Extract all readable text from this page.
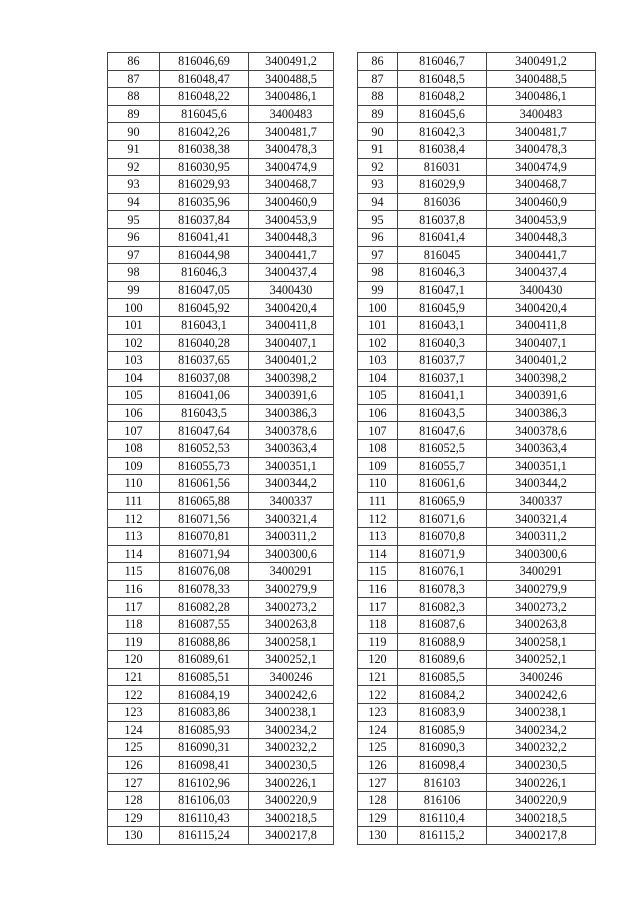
86	816046,69	3400491,2
87	816048,47	3400488,5
88	816048,22	3400486,1
89	816045,6	3400483
90	816042,26	3400481,7
91	816038,38	3400478,3
92	816030,95	3400474,9
93	816029,93	3400468,7
94	816035,96	3400460,9
95	816037,84	3400453,9
96	816041,41	3400448,3
97	816044,98	3400441,7
98	816046,3	3400437,4
99	816047,05	3400430
100	816045,92	3400420,4
101	816043,1	3400411,8
102	816040,28	3400407,1
103	816037,65	3400401,2
104	816037,08	3400398,2
105	816041,06	3400391,6
106	816043,5	3400386,3
107	816047,64	3400378,6
108	816052,53	3400363,4
109	816055,73	3400351,1
110	816061,56	3400344,2
111	816065,88	3400337
112	816071,56	3400321,4
113	816070,81	3400311,2
114	816071,94	3400300,6
115	816076,08	3400291
116	816078,33	3400279,9
117	816082,28	3400273,2
118	816087,55	3400263,8
119	816088,86	3400258,1
120	816089,61	3400252,1
121	816085,51	3400246
122	816084,19	3400242,6
123	816083,86	3400238,1
124	816085,93	3400234,2
125	816090,31	3400232,2
126	816098,41	3400230,5
127	816102,96	3400226,1
128	816106,03	3400220,9
129	816110,43	3400218,5
130	816115,24	3400217,8
86	816046,7	3400491,2
87	816048,5	3400488,5
88	816048,2	3400486,1
89	816045,6	3400483
90	816042,3	3400481,7
91	816038,4	3400478,3
92	816031	3400474,9
93	816029,9	3400468,7
94	816036	3400460,9
95	816037,8	3400453,9
96	816041,4	3400448,3
97	816045	3400441,7
98	816046,3	3400437,4
99	816047,1	3400430
100	816045,9	3400420,4
101	816043,1	3400411,8
102	816040,3	3400407,1
103	816037,7	3400401,2
104	816037,1	3400398,2
105	816041,1	3400391,6
106	816043,5	3400386,3
107	816047,6	3400378,6
108	816052,5	3400363,4
109	816055,7	3400351,1
110	816061,6	3400344,2
111	816065,9	3400337
112	816071,6	3400321,4
113	816070,8	3400311,2
114	816071,9	3400300,6
115	816076,1	3400291
116	816078,3	3400279,9
117	816082,3	3400273,2
118	816087,6	3400263,8
119	816088,9	3400258,1
120	816089,6	3400252,1
121	816085,5	3400246
122	816084,2	3400242,6
123	816083,9	3400238,1
124	816085,9	3400234,2
125	816090,3	3400232,2
126	816098,4	3400230,5
127	816103	3400226,1
128	816106	3400220,9
129	816110,4	3400218,5
130	816115,2	3400217,8
